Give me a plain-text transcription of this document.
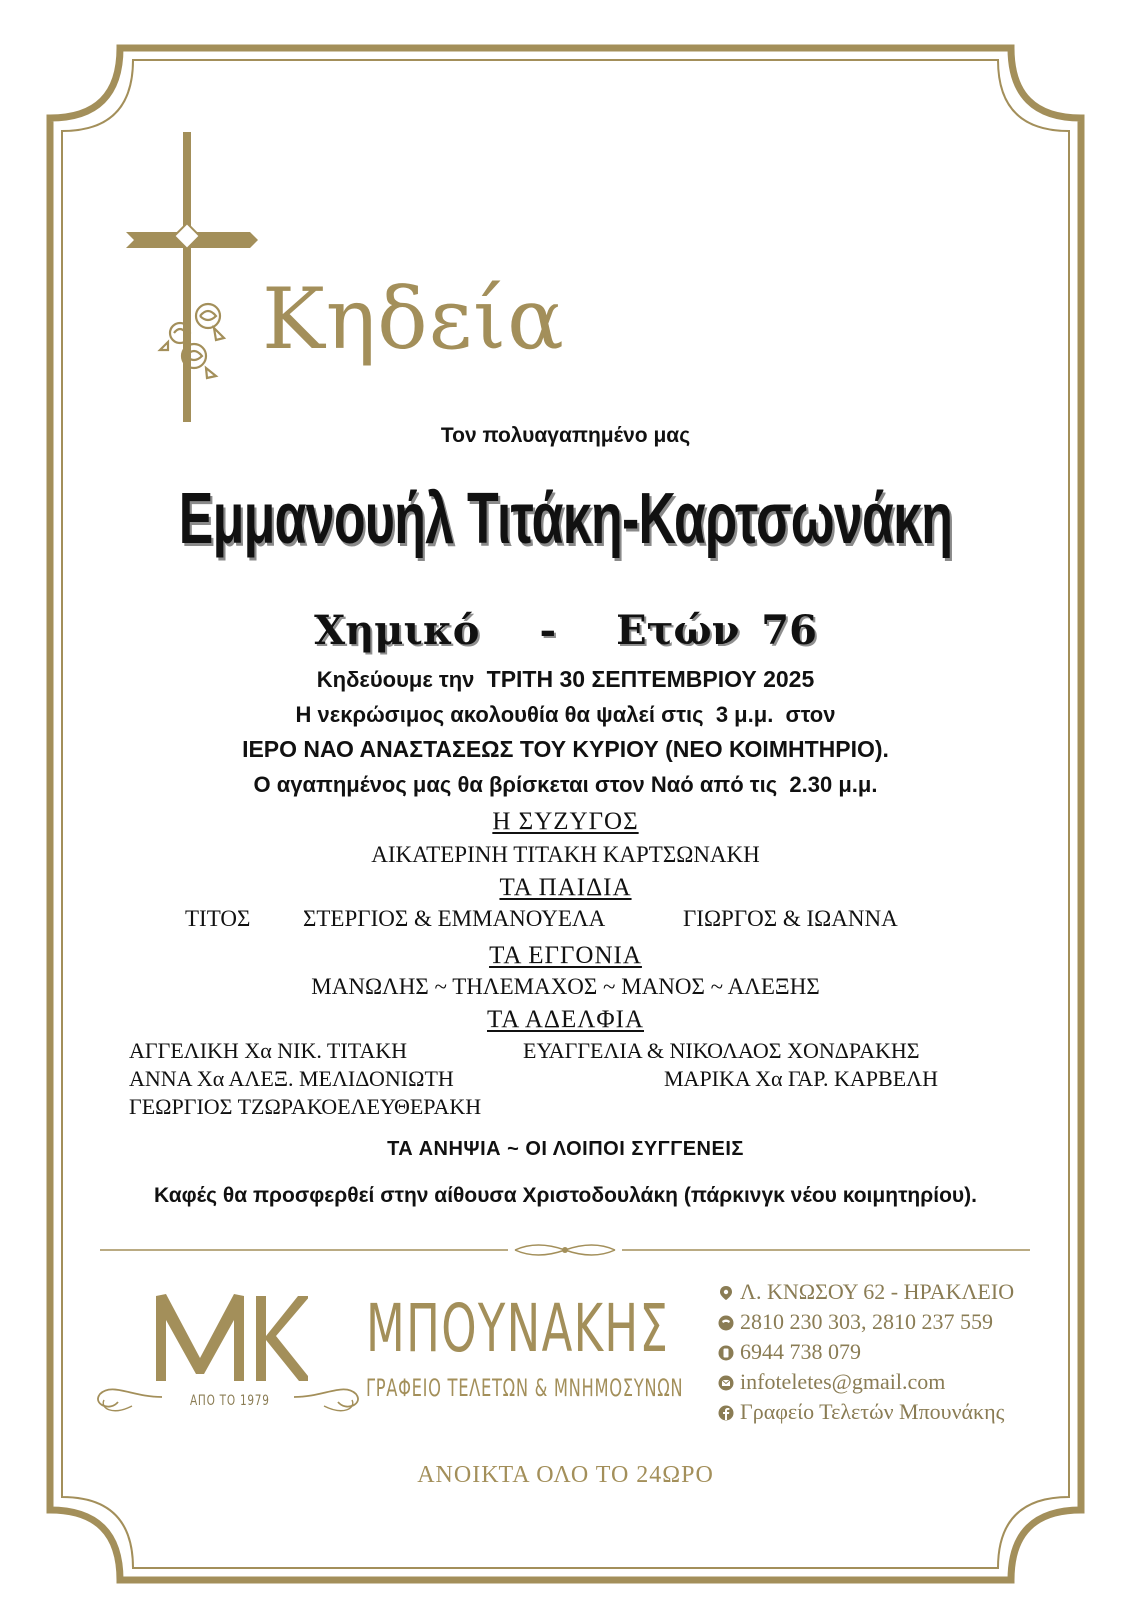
Κηδεία
Τον πολυαγαπημένο μας
Εμμανουήλ Τιτάκη-Καρτσωνάκη
Χημικό - Ετών 76
Κηδεύουμε την ΤΡΙΤΗ 30 ΣΕΠΤΕΜΒΡΙΟΥ 2025
Η νεκρώσιμος ακολουθία θα ψαλεί στις 3 μ.μ. στον
ΙΕΡΟ ΝΑΟ ΑΝΑΣΤΑΣΕΩΣ ΤΟΥ ΚΥΡΙΟΥ (ΝΕΟ ΚΟΙΜΗΤΗΡΙΟ).
Ο αγαπημένος μας θα βρίσκεται στον Ναό από τις 2.30 μ.μ.
Η ΣΥΖΥΓΟΣ
ΑΙΚΑΤΕΡΙΝΗ ΤΙΤΑΚΗ ΚΑΡΤΣΩΝΑΚΗ
ΤΑ ΠΑΙΔΙΑ
ΤΙΤΟΣ ΣΤΕΡΓΙΟΣ & ΕΜΜΑΝΟΥΕΛΑ	ΓΙΩΡΓΟΣ & ΙΩΑΝΝΑ
ΤΑ ΕΓΓΟΝΙΑ
ΜΑΝΩΛΗΣ ~ ΤΗΛΕΜΑΧΟΣ ~ ΜΑΝΟΣ ~ ΑΛΕΞΗΣ
ΤΑ ΑΔΕΛΦΙΑ
ΑΓΓΕΛΙΚΗ Χα ΝΙΚ. ΤΙΤΑΚΗ	ΕΥΑΓΓΕΛΙΑ & ΝΙΚΟΛΑΟΣ ΧΟΝΔΡΑΚΗΣ
ΑΝΝΑ Χα ΑΛΕΞ. ΜΕΛΙΔΟΝΙΩΤΗ	ΜΑΡΙΚΑ Χα ΓΑΡ. ΚΑΡΒΕΛΗ
ΓΕΩΡΓΙΟΣ ΤΖΩΡΑΚΟΕΛΕΥΘΕΡΑΚΗ
ΤΑ ΑΝΗΨΙΑ ~ ΟΙ ΛΟΙΠΟΙ ΣΥΓΓΕΝΕΙΣ
Καφές θα προσφερθεί στην αίθουσα Χριστοδουλάκη (πάρκινγκ νέου κοιμητηρίου).
ΑΠΟ ΤΟ 1979
ΜΠΟΥΝΑΚΗΣ
ΓΡΑΦΕΙΟ ΤΕΛΕΤΩΝ & ΜΝΗΜΟΣΥΝΩΝ
Λ. ΚΝΩΣΟΥ 62 - ΗΡΑΚΛΕΙΟ
2810 230 303, 2810 237 559
6944 738 079
infoteletes@gmail.com
Γραφείο Τελετών Μπουνάκης
ΑΝΟΙΚΤΑ ΟΛΟ ΤΟ 24ΩΡΟ
